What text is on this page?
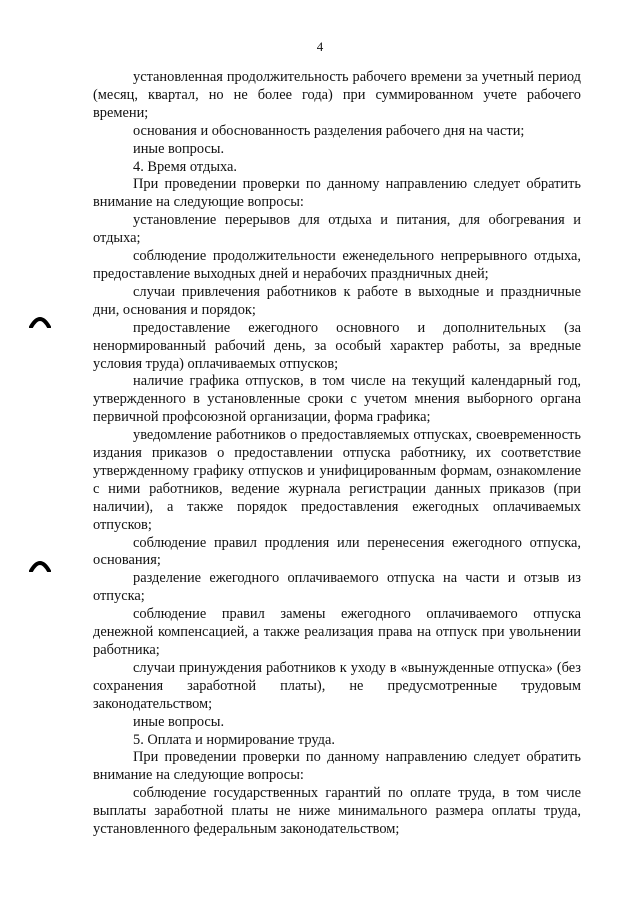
4

установленная продолжительность рабочего времени за учетный период (месяц, квартал, но не более года) при суммированном учете рабочего времени;

основания и обоснованность разделения рабочего дня на части;

иные вопросы.

4. Время отдыха.

При проведении проверки по данному направлению следует обратить внимание на следующие вопросы:

установление перерывов для отдыха и питания, для обогревания и отдыха;

соблюдение продолжительности еженедельного непрерывного отдыха, предоставление выходных дней и нерабочих праздничных дней;

случаи привлечения работников к работе в выходные и праздничные дни, основания и порядок;

предоставление ежегодного основного и дополнительных (за ненормированный рабочий день, за особый характер работы, за вредные условия труда) оплачиваемых отпусков;

наличие графика отпусков, в том числе на текущий календарный год, утвержденного в установленные сроки с учетом мнения выборного органа первичной профсоюзной организации, форма графика;

уведомление работников о предоставляемых отпусках, своевременность издания приказов о предоставлении отпуска работнику, их соответствие утвержденному графику отпусков и унифицированным формам, ознакомление с ними работников, ведение журнала регистрации данных приказов (при наличии), а также порядок предоставления ежегодных оплачиваемых отпусков;

соблюдение правил продления или перенесения ежегодного отпуска, основания;

разделение ежегодного оплачиваемого отпуска на части и отзыв из отпуска;

соблюдение правил замены ежегодного оплачиваемого отпуска денежной компенсацией, а также реализация права на отпуск при увольнении работника;

случаи принуждения работников к уходу в «вынужденные отпуска» (без сохранения заработной платы), не предусмотренные трудовым законодательством;

иные вопросы.

5. Оплата и нормирование труда.

При проведении проверки по данному направлению следует обратить внимание на следующие вопросы:

соблюдение государственных гарантий по оплате труда, в том числе выплаты заработной платы не ниже минимального размера оплаты труда, установленного федеральным законодательством;
